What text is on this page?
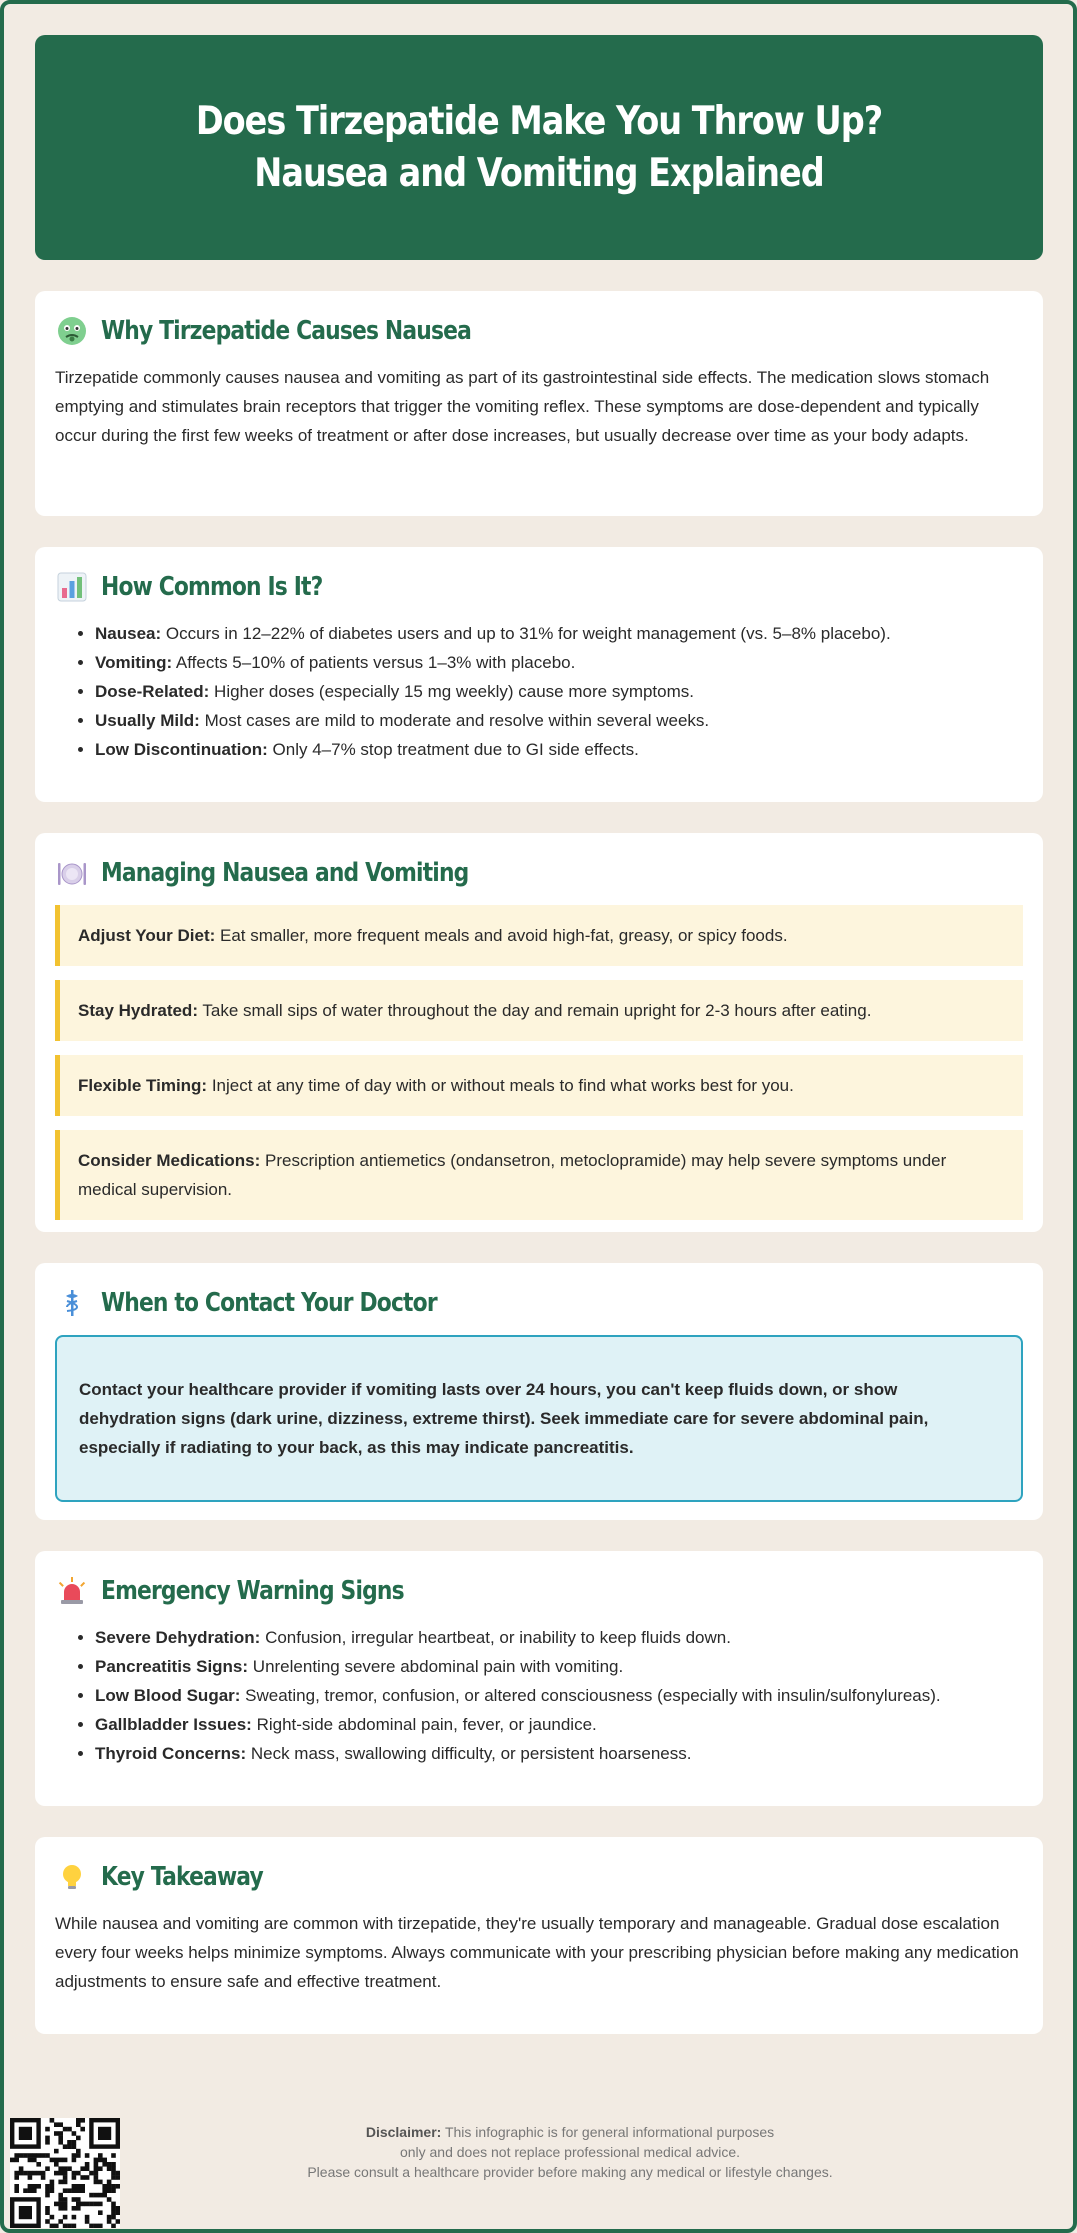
Does Tirzepatide Make You Throw Up? Nausea and Vomiting Explained
Why Tirzepatide Causes Nausea

Tirzepatide commonly causes nausea and vomiting as part of its gastrointestinal side effects. The medication slows stomach emptying and stimulates brain receptors that trigger the vomiting reflex. These symptoms are dose-dependent and typically occur during the first few weeks of treatment or after dose increases, but usually decrease over time as your body adapts.

How Common Is It?
• Nausea: Occurs in 12–22% of diabetes users and up to 31% for weight management (vs. 5–8% placebo).
• Vomiting: Affects 5–10% of patients versus 1–3% with placebo.
• Dose-Related: Higher doses (especially 15 mg weekly) cause more symptoms.
• Usually Mild: Most cases are mild to moderate and resolve within several weeks.
• Low Discontinuation: Only 4–7% stop treatment due to GI side effects.
Managing Nausea and Vomiting
Adjust Your Diet: Eat smaller, more frequent meals and avoid high-fat, greasy, or spicy foods.
Stay Hydrated: Take small sips of water throughout the day and remain upright for 2-3 hours after eating.
Flexible Timing: Inject at any time of day with or without meals to find what works best for you.
Consider Medications: Prescription antiemetics (ondansetron, metoclopramide) may help severe symptoms under medical supervision.
When to Contact Your Doctor
Contact your healthcare provider if vomiting lasts over 24 hours, you can't keep fluids down, or show dehydration signs (dark urine, dizziness, extreme thirst). Seek immediate care for severe abdominal pain, especially if radiating to your back, as this may indicate pancreatitis.
Emergency Warning Signs
• Severe Dehydration: Confusion, irregular heartbeat, or inability to keep fluids down.
• Pancreatitis Signs: Unrelenting severe abdominal pain with vomiting.
• Low Blood Sugar: Sweating, tremor, confusion, or altered consciousness (especially with insulin/sulfonylureas).
• Gallbladder Issues: Right-side abdominal pain, fever, or jaundice.
• Thyroid Concerns: Neck mass, swallowing difficulty, or persistent hoarseness.
Key Takeaway

While nausea and vomiting are common with tirzepatide, they're usually temporary and manageable. Gradual dose escalation every four weeks helps minimize symptoms. Always communicate with your prescribing physician before making any medication adjustments to ensure safe and effective treatment.

Disclaimer: This infographic is for general informational purposes
only and does not replace professional medical advice.
Please consult a healthcare provider before making any medical or lifestyle changes.
